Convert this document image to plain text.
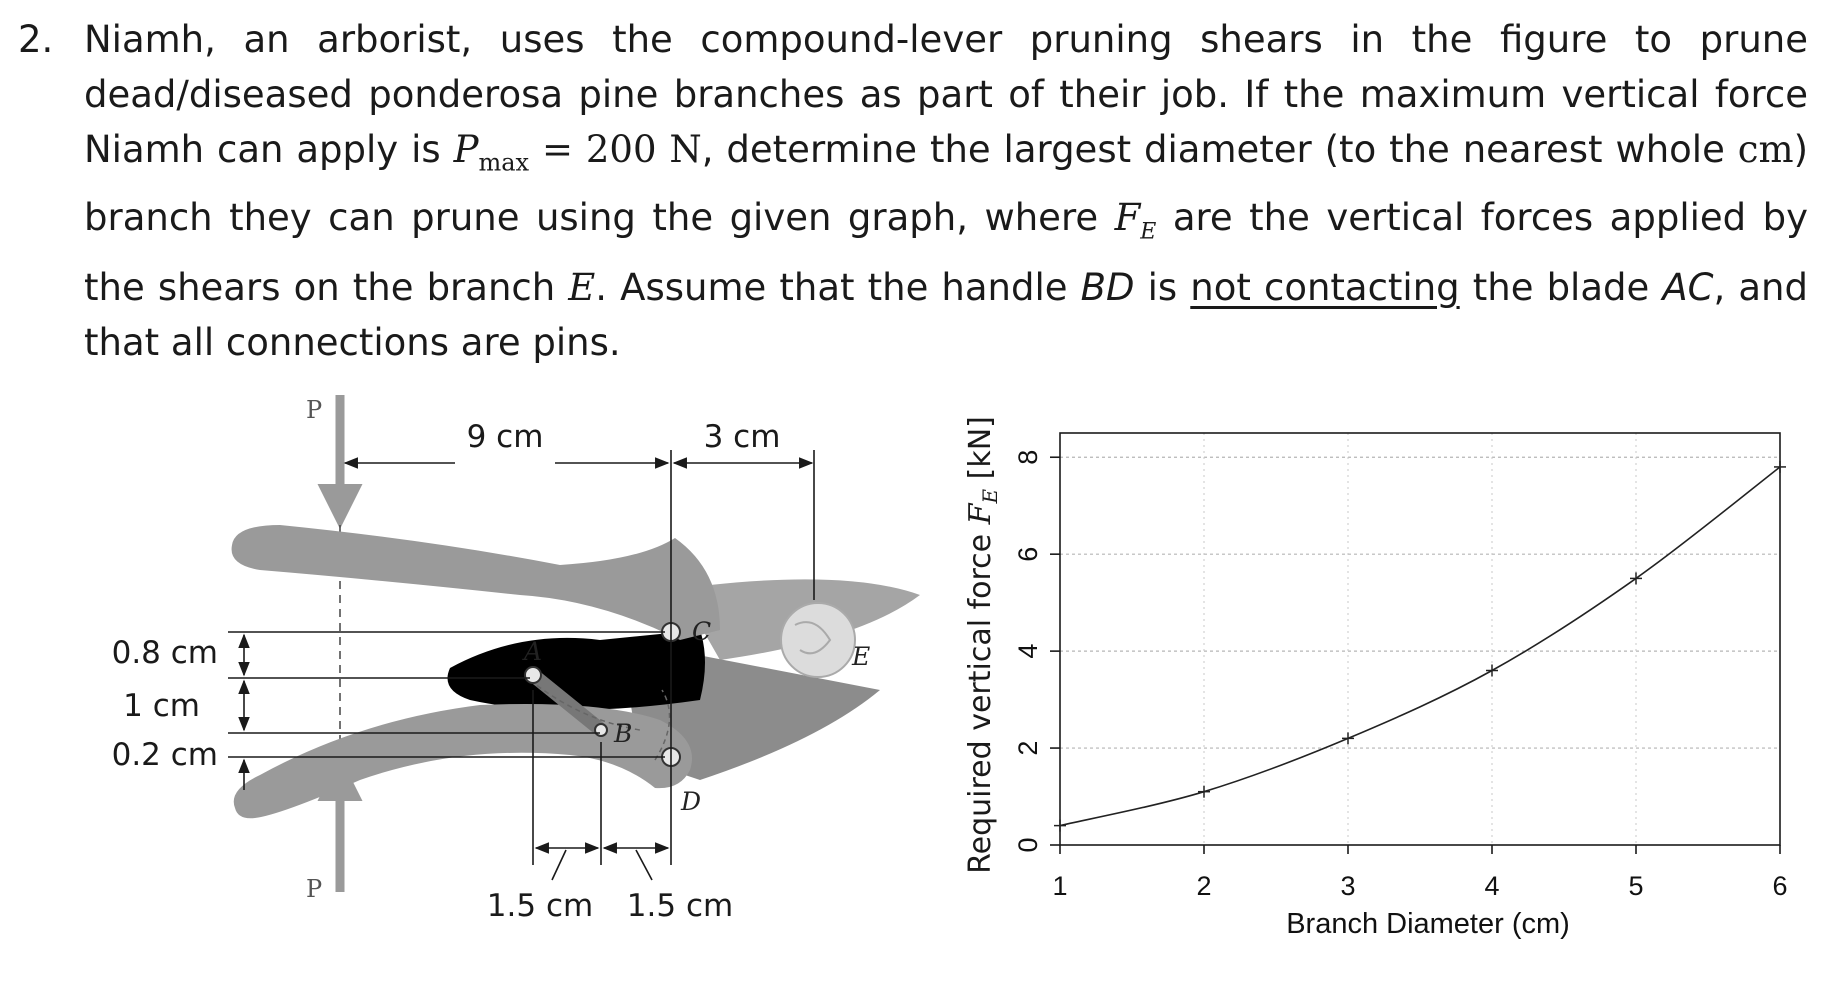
2. Niamh, an arborist, uses the compound-lever pruning shears in the figure to prune dead/diseased ponderosa pine branches as part of their job. If the maximum vertical force Niamh can apply is $P_{max} = 200$ N, determine the largest diameter (to the nearest whole cm) branch they can prune using the given graph, where $F_E$ are the vertical forces applied by the shears on the branch E. Assume that the handle BD is not contacting the blade AC, and that all connections are pins.
P
P
A
B
C
D
E
9 cm	3 cm
0.8 cm
1 cm
0.2 cm
1.5 cm 1.5 cm
0
2
4
6
8
1	2	3	4	5	6
Branch Diameter (cm)
Required vertical force $F_E$ [kN]
